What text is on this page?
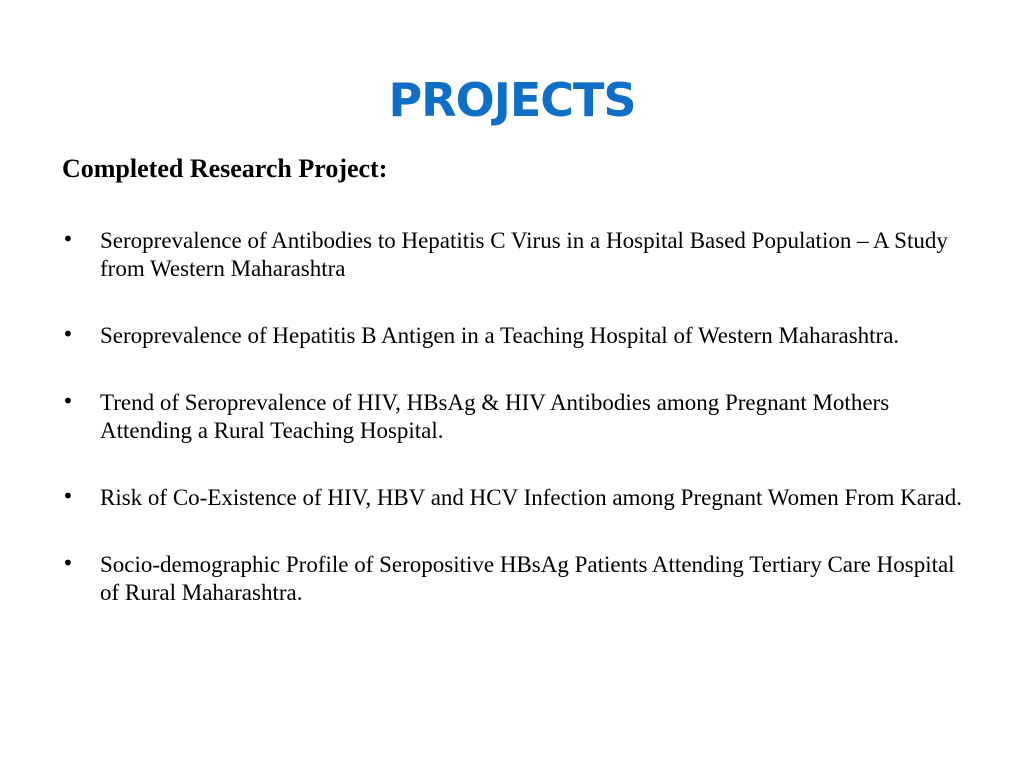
PROJECTS
Completed Research Project:
• Seroprevalence of Antibodies to Hepatitis C Virus in a Hospital Based Population – A Study from Western Maharashtra
• Seroprevalence of Hepatitis B Antigen in a Teaching Hospital of Western Maharashtra.
• Trend of Seroprevalence of HIV, HBsAg & HIV Antibodies among Pregnant Mothers Attending a Rural Teaching Hospital.
• Risk of Co-Existence of HIV, HBV and HCV Infection among Pregnant Women From Karad.
• Socio-demographic Profile of Seropositive HBsAg Patients Attending Tertiary Care Hospital of Rural Maharashtra.
